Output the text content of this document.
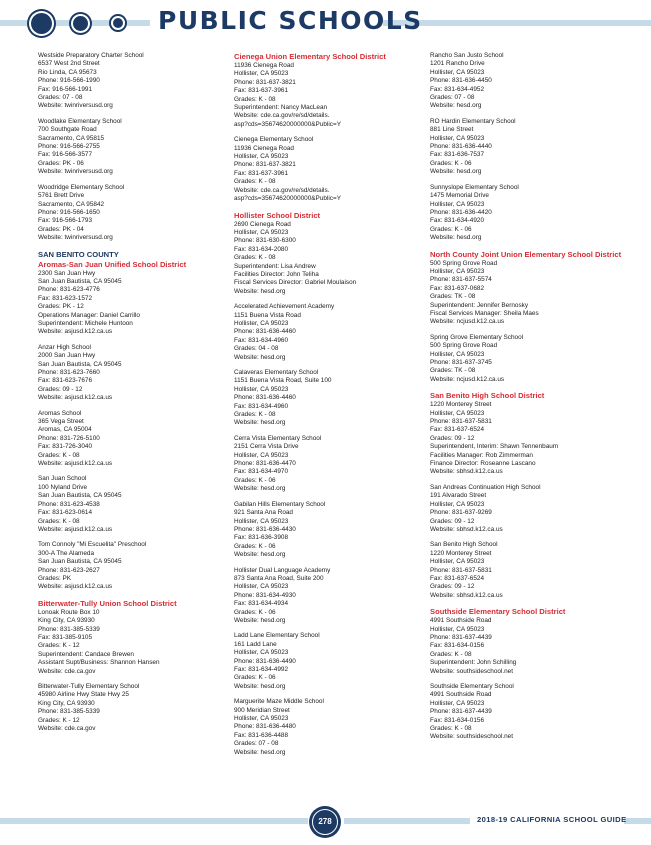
PUBLIC SCHOOLS
Westside Preparatory Charter School
6537 West 2nd Street
Rio Linda, CA 95673
Phone: 916-566-1990
Fax: 916-566-1991
Grades: 07 - 08
Website: twinriversusd.org
Woodlake Elementary School
700 Southgate Road
Sacramento, CA 95815
Phone: 916-566-2755
Fax: 916-566-3577
Grades: PK - 06
Website: twinriversusd.org
Woodridge Elementary School
5761 Brett Drive
Sacramento, CA 95842
Phone: 916-566-1650
Fax: 916-566-1793
Grades: PK - 04
Website: twinriversusd.org
SAN BENITO COUNTY
Aromas-San Juan Unified School District
2300 San Juan Hwy
San Juan Bautista, CA 95045
Phone: 831-623-4776
Fax: 831-623-1572
Grades: PK - 12
Operations Manager: Daniel Carrillo
Superintendent: Michele Huntoon
Website: asjusd.k12.ca.us
Anzar High School
2000 San Juan Hwy
San Juan Bautista, CA 95045
Phone: 831-623-7660
Fax: 831-623-7676
Grades: 09 - 12
Website: asjusd.k12.ca.us
Aromas School
365 Vega Street
Aromas, CA 95004
Phone: 831-726-5100
Fax: 831-726-3040
Grades: K - 08
Website: asjusd.k12.ca.us
San Juan School
100 Nyland Drive
San Juan Bautista, CA 95045
Phone: 831-623-4538
Fax: 831-623-0614
Grades: K - 08
Website: asjusd.k12.ca.us
Tom Connoly "Mi Escuelita" Preschool
300-A The Alameda
San Juan Bautista, CA 95045
Phone: 831-623-2627
Grades: PK
Website: asjusd.k12.ca.us
Bitterwater-Tully Union School District
Lonoak Route Box 10
King City, CA 93930
Phone: 831-385-5339
Fax: 831-385-9105
Grades: K - 12
Superintendent: Candace Brewen
Assistant Supt/Business: Shannon Hansen
Website: cde.ca.gov
Bitterwater-Tully Elementary School
45980 Airline Hwy State Hwy 25
King City, CA 93930
Phone: 831-385-5339
Grades: K - 12
Website: cde.ca.gov
Cienega Union Elementary School District
11936 Cienega Road
Hollister, CA 95023
Phone: 831-637-3821
Fax: 831-637-3961
Grades: K - 08
Superintendent: Nancy MacLean
Website: cde.ca.gov/re/sd/details.
asp?cds=35674620000000&Public=Y
Cienega Elementary School
11936 Cienega Road
Hollister, CA 95023
Phone: 831-637-3821
Fax: 831-637-3961
Grades: K - 08
Website: cde.ca.gov/re/sd/details.
asp?cds=35674620000000&Public=Y
Hollister School District
2690 Cienega Road
Hollister, CA 95023
Phone: 831-630-6300
Fax: 831-634-2080
Grades: K - 08
Superintendent: Lisa Andrew
Facilities Director: John Teliha
Fiscal Services Director: Gabriel Moulaison
Website: hesd.org
Accelerated Achievement Academy
1151 Buena Vista Road
Hollister, CA 95023
Phone: 831-636-4460
Fax: 831-634-4960
Grades: 04 - 08
Website: hesd.org
Calaveras Elementary School
1151 Buena Vista Road, Suite 100
Hollister, CA 95023
Phone: 831-636-4460
Fax: 831-634-4960
Grades: K - 08
Website: hesd.org
Cerra Vista Elementary School
2151 Cerra Vista Drive
Hollister, CA 95023
Phone: 831-636-4470
Fax: 831-634-4970
Grades: K - 06
Website: hesd.org
Gabilan Hills Elementary School
921 Santa Ana Road
Hollister, CA 95023
Phone: 831-636-4430
Fax: 831-636-3908
Grades: K - 06
Website: hesd.org
Hollister Dual Language Academy
873 Santa Ana Road, Suite 200
Hollister, CA 95023
Phone: 831-634-4930
Fax: 831-634-4934
Grades: K - 06
Website: hesd.org
Ladd Lane Elementary School
161 Ladd Lane
Hollister, CA 95023
Phone: 831-636-4490
Fax: 831-634-4992
Grades: K - 06
Website: hesd.org
Marguerite Maze Middle School
900 Meridian Street
Hollister, CA 95023
Phone: 831-636-4480
Fax: 831-636-4488
Grades: 07 - 08
Website: hesd.org
Rancho San Justo School
1201 Rancho Drive
Hollister, CA 95023
Phone: 831-636-4450
Fax: 831-634-4952
Grades: 07 - 08
Website: hesd.org
RO Hardin Elementary School
881 Line Street
Hollister, CA 95023
Phone: 831-636-4440
Fax: 831-636-7537
Grades: K - 06
Website: hesd.org
Sunnyslope Elementary School
1475 Memorial Drive
Hollister, CA 95023
Phone: 831-636-4420
Fax: 831-634-4920
Grades: K - 06
Website: hesd.org
North County Joint Union Elementary School District
500 Spring Grove Road
Hollister, CA 95023
Phone: 831-637-5574
Fax: 831-637-0682
Grades: TK - 08
Superintendent: Jennifer Bernosky
Fiscal Services Manager: Sheila Maes
Website: ncjusd.k12.ca.us
Spring Grove Elementary School
500 Spring Grove Road
Hollister, CA 95023
Phone: 831-637-3745
Grades: TK - 08
Website: ncjusd.k12.ca.us
San Benito High School District
1220 Monterey Street
Hollister, CA 95023
Phone: 831-637-5831
Fax: 831-637-6524
Grades: 09 - 12
Superintendent, Interim: Shawn Tennenbaum
Facilities Manager: Rob Zimmerman
Finance Director: Roseanne Lascano
Website: sbhsd.k12.ca.us
San Andreas Continuation High School
191 Alvarado Street
Hollister, CA 95023
Phone: 831-637-9269
Grades: 09 - 12
Website: sbhsd.k12.ca.us
San Benito High School
1220 Monterey Street
Hollister, CA 95023
Phone: 831-637-5831
Fax: 831-637-6524
Grades: 09 - 12
Website: sbhsd.k12.ca.us
Southside Elementary School District
4991 Southside Road
Hollister, CA 95023
Phone: 831-637-4439
Fax: 831-634-0156
Grades: K - 08
Superintendent: John Schilling
Website: southsideschool.net
Southside Elementary School
4991 Southside Road
Hollister, CA 95023
Phone: 831-637-4439
Fax: 831-634-0156
Grades: K - 08
Website: southsideschool.net
278	2018-19 CALIFORNIA SCHOOL GUIDE
